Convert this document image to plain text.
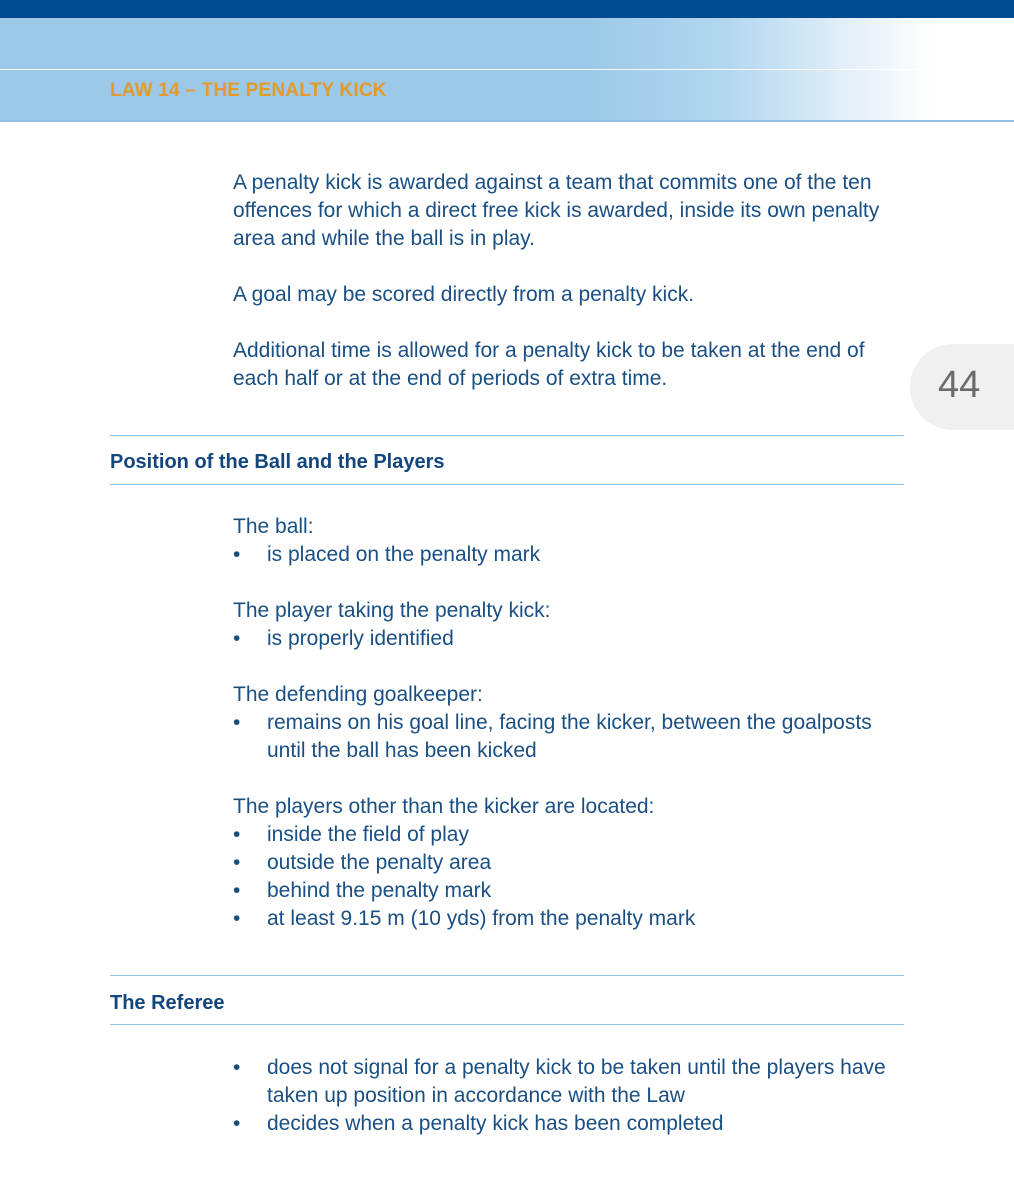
LAW 14 – THE PENALTY KICK
44

A penalty kick is awarded against a team that commits one of the ten offences for which a direct free kick is awarded, inside its own penalty area and while the ball is in play.

A goal may be scored directly from a penalty kick.

Additional time is allowed for a penalty kick to be taken at the end of each half or at the end of periods of extra time.

Position of the Ball and the Players

The ball:

• is placed on the penalty mark

The player taking the penalty kick:

• is properly identified

The defending goalkeeper:

• remains on his goal line, facing the kicker, between the goalposts until the ball has been kicked

The players other than the kicker are located:

• inside the field of play
• outside the penalty area
• behind the penalty mark
• at least 9.15 m (10 yds) from the penalty mark
The Referee
• does not signal for a penalty kick to be taken until the players have taken up position in accordance with the Law
• decides when a penalty kick has been completed
